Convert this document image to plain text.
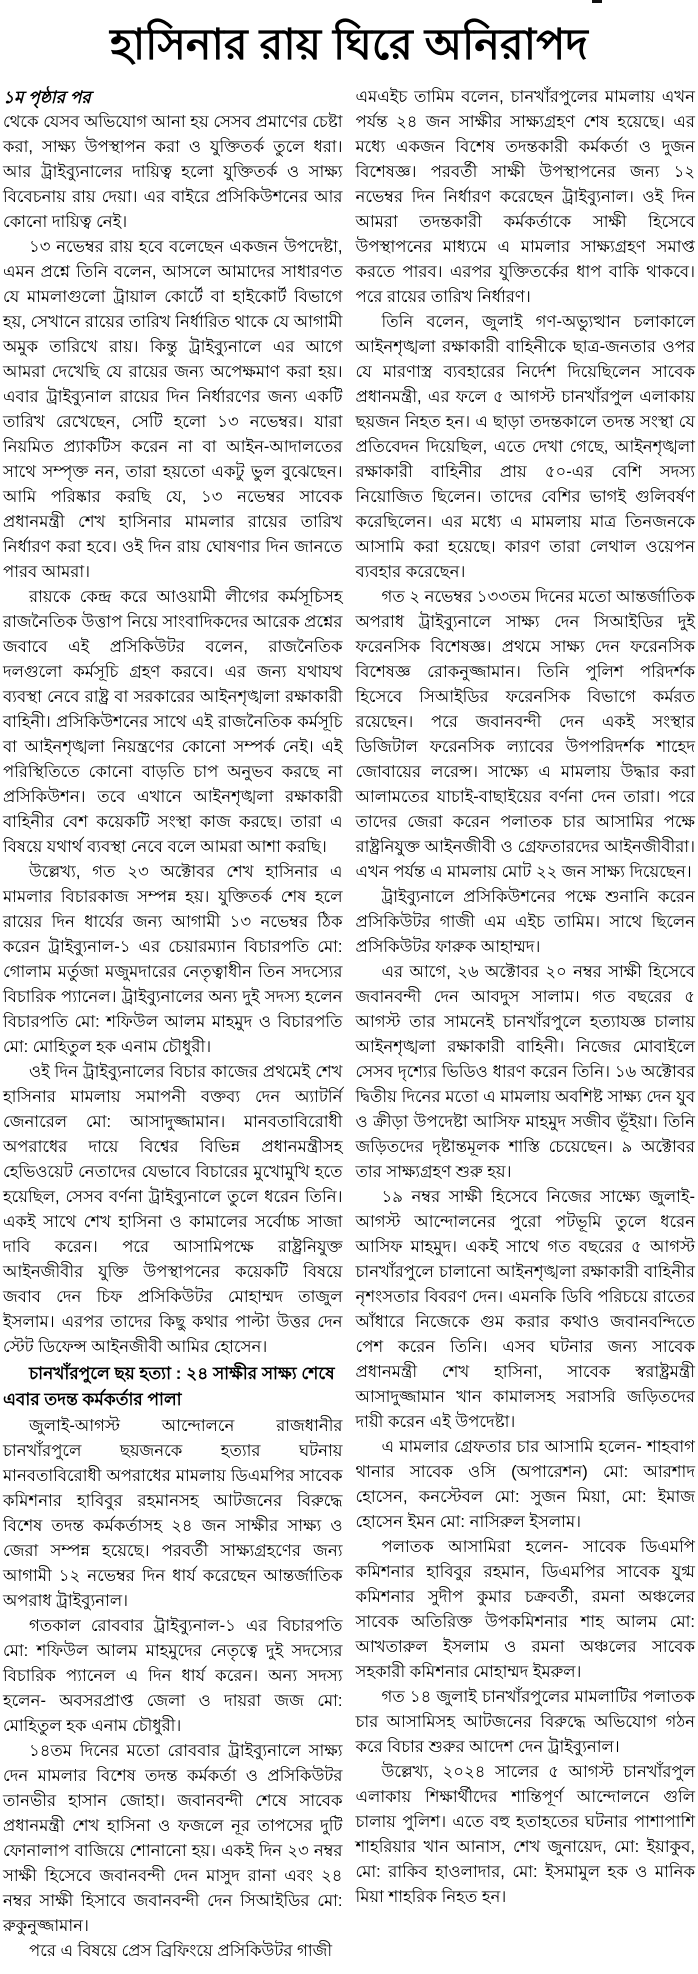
হাসিনার রায় ঘিরে অনিরাপদ
১ম পৃষ্ঠার পর

থেকে যেসব অভিযোগ আনা হয় সেসব প্রমাণের চেষ্টা করা, সাক্ষ্য উপস্থাপন করা ও যুক্তিতর্ক তুলে ধরা। আর ট্রাইব্যুনালের দায়িত্ব হলো যুক্তিতর্ক ও সাক্ষ্য বিবেচনায় রায় দেয়া। এর বাইরে প্রসিকিউশনের আর কোনো দায়িত্ব নেই।

১৩ নভেম্বর রায় হবে বলেছেন একজন উপদেষ্টা, এমন প্রশ্নে তিনি বলেন, আসলে আমাদের সাধারণত যে মামলাগুলো ট্রায়াল কোর্টে বা হাইকোর্ট বিভাগে হয়, সেখানে রায়ের তারিখ নির্ধারিত থাকে যে আগামী অমুক তারিখে রায়। কিন্তু ট্রাইব্যুনালে এর আগে আমরা দেখেছি যে রায়ের জন্য অপেক্ষমাণ করা হয়। এবার ট্রাইব্যুনাল রায়ের দিন নির্ধারণের জন্য একটি তারিখ রেখেছেন, সেটি হলো ১৩ নভেম্বর। যারা নিয়মিত প্র্যাকটিস করেন না বা আইন-আদালতের সাথে সম্পৃক্ত নন, তারা হয়তো একটু ভুল বুঝেছেন। আমি পরিষ্কার করছি যে, ১৩ নভেম্বর সাবেক প্রধানমন্ত্রী শেখ হাসিনার মামলার রায়ের তারিখ নির্ধারণ করা হবে। ওই দিন রায় ঘোষণার দিন জানতে পারব আমরা।

রায়কে কেন্দ্র করে আওয়ামী লীগের কর্মসূচিসহ রাজনৈতিক উত্তাপ নিয়ে সাংবাদিকদের আরেক প্রশ্নের জবাবে এই প্রসিকিউটর বলেন, রাজনৈতিক দলগুলো কর্মসূচি গ্রহণ করবে। এর জন্য যথাযথ ব্যবস্থা নেবে রাষ্ট্র বা সরকারের আইনশৃঙ্খলা রক্ষাকারী বাহিনী। প্রসিকিউশনের সাথে এই রাজনৈতিক কর্মসূচি বা আইনশৃঙ্খলা নিয়ন্ত্রণের কোনো সম্পর্ক নেই। এই পরিস্থিতিতে কোনো বাড়তি চাপ অনুভব করছে না প্রসিকিউশন। তবে এখানে আইনশৃঙ্খলা রক্ষাকারী বাহিনীর বেশ কয়েকটি সংস্থা কাজ করছে। তারা এ বিষয়ে যথার্থ ব্যবস্থা নেবে বলে আমরা আশা করছি।

উল্লেখ্য, গত ২৩ অক্টোবর শেখ হাসিনার এ মামলার বিচারকাজ সম্পন্ন হয়। যুক্তিতর্ক শেষ হলে রায়ের দিন ধার্যের জন্য আগামী ১৩ নভেম্বর ঠিক করেন ট্রাইব্যুনাল-১ এর চেয়ারম্যান বিচারপতি মো: গোলাম মর্তুজা মজুমদারের নেতৃত্বাধীন তিন সদস্যের বিচারিক প্যানেল। ট্রাইব্যুনালের অন্য দুই সদস্য হলেন বিচারপতি মো: শফিউল আলম মাহমুদ ও বিচারপতি মো: মোহিতুল হক এনাম চৌধুরী।

ওই দিন ট্রাইব্যুনালের বিচার কাজের প্রথমেই শেখ হাসিনার মামলায় সমাপনী বক্তব্য দেন অ্যাটর্নি জেনারেল মো: আসাদুজ্জামান। মানবতাবিরোধী অপরাধের দায়ে বিশ্বের বিভিন্ন প্রধানমন্ত্রীসহ হেভিওয়েট নেতাদের যেভাবে বিচারের মুখোমুখি হতে হয়েছিল, সেসব বর্ণনা ট্রাইব্যুনালে তুলে ধরেন তিনি। একই সাথে শেখ হাসিনা ও কামালের সর্বোচ্চ সাজা দাবি করেন। পরে আসামিপক্ষে রাষ্ট্রনিযুক্ত আইনজীবীর যুক্তি উপস্থাপনের কয়েকটি বিষয়ে জবাব দেন চিফ প্রসিকিউটর মোহাম্মদ তাজুল ইসলাম। এরপর তাদের কিছু কথার পাল্টা উত্তর দেন স্টেট ডিফেন্স আইনজীবী আমির হোসেন।

চানখাঁরপুলে ছয় হত্যা : ২৪ সাক্ষীর সাক্ষ্য শেষে এবার তদন্ত কর্মকর্তার পালা

জুলাই-আগস্ট আন্দোলনে রাজধানীর চানখাঁরপুলে ছয়জনকে হত্যার ঘটনায় মানবতাবিরোধী অপরাধের মামলায় ডিএমপির সাবেক কমিশনার হাবিবুর রহমানসহ আটজনের বিরুদ্ধে বিশেষ তদন্ত কর্মকর্তাসহ ২৪ জন সাক্ষীর সাক্ষ্য ও জেরা সম্পন্ন হয়েছে। পরবর্তী সাক্ষ্যগ্রহণের জন্য আগামী ১২ নভেম্বর দিন ধার্য করেছেন আন্তর্জাতিক অপরাধ ট্রাইব্যুনাল।

গতকাল রোববার ট্রাইব্যুনাল-১ এর বিচারপতি মো: শফিউল আলম মাহমুদের নেতৃত্বে দুই সদস্যের বিচারিক প্যানেল এ দিন ধার্য করেন। অন্য সদস্য হলেন- অবসরপ্রাপ্ত জেলা ও দায়রা জজ মো: মোহিতুল হক এনাম চৌধুরী।

১৪তম দিনের মতো রোববার ট্রাইব্যুনালে সাক্ষ্য দেন মামলার বিশেষ তদন্ত কর্মকর্তা ও প্রসিকিউটর তানভীর হাসান জোহা। জবানবন্দী শেষে সাবেক প্রধানমন্ত্রী শেখ হাসিনা ও ফজলে নূর তাপসের দুটি ফোনালাপ বাজিয়ে শোনানো হয়। একই দিন ২৩ নম্বর সাক্ষী হিসেবে জবানবন্দী দেন মাসুদ রানা এবং ২৪ নম্বর সাক্ষী হিসাবে জবানবন্দী দেন সিআইডির মো: রুকুনুজ্জামান।

পরে এ বিষয়ে প্রেস ব্রিফিংয়ে প্রসিকিউটর গাজী

এমএইচ তামিম বলেন, চানখাঁরপুলের মামলায় এখন পর্যন্ত ২৪ জন সাক্ষীর সাক্ষ্যগ্রহণ শেষ হয়েছে। এর মধ্যে একজন বিশেষ তদন্তকারী কর্মকর্তা ও দুজন বিশেষজ্ঞ। পরবর্তী সাক্ষী উপস্থাপনের জন্য ১২ নভেম্বর দিন নির্ধারণ করেছেন ট্রাইব্যুনাল। ওই দিন আমরা তদন্তকারী কর্মকর্তাকে সাক্ষী হিসেবে উপস্থাপনের মাধ্যমে এ মামলার সাক্ষ্যগ্রহণ সমাপ্ত করতে পারব। এরপর যুক্তিতর্কের ধাপ বাকি থাকবে। পরে রায়ের তারিখ নির্ধারণ।

তিনি বলেন, জুলাই গণ-অভ্যুত্থান চলাকালে আইনশৃঙ্খলা রক্ষাকারী বাহিনীকে ছাত্র-জনতার ওপর যে মারণাস্ত্র ব্যবহারের নির্দেশ দিয়েছিলেন সাবেক প্রধানমন্ত্রী, এর ফলে ৫ আগস্ট চানখাঁরপুল এলাকায় ছয়জন নিহত হন। এ ছাড়া তদন্তকালে তদন্ত সংস্থা যে প্রতিবেদন দিয়েছিল, এতে দেখা গেছে, আইনশৃঙ্খলা রক্ষাকারী বাহিনীর প্রায় ৫০-এর বেশি সদস্য নিয়োজিত ছিলেন। তাদের বেশির ভাগই গুলিবর্ষণ করেছিলেন। এর মধ্যে এ মামলায় মাত্র তিনজনকে আসামি করা হয়েছে। কারণ তারা লেথাল ওয়েপন ব্যবহার করেছেন।

গত ২ নভেম্বর ১৩৩তম দিনের মতো আন্তর্জাতিক অপরাধ ট্রাইব্যুনালে সাক্ষ্য দেন সিআইডির দুই ফরেনসিক বিশেষজ্ঞ। প্রথমে সাক্ষ্য দেন ফরেনসিক বিশেষজ্ঞ রোকনুজ্জামান। তিনি পুলিশ পরিদর্শক হিসেবে সিআইডির ফরেনসিক বিভাগে কর্মরত রয়েছেন। পরে জবানবন্দী দেন একই সংস্থার ডিজিটাল ফরেনসিক ল্যাবের উপপরিদর্শক শাহেদ জোবায়ের লরেন্স। সাক্ষ্যে এ মামলায় উদ্ধার করা আলামতের যাচাই-বাছাইয়ের বর্ণনা দেন তারা। পরে তাদের জেরা করেন পলাতক চার আসামির পক্ষে রাষ্ট্রনিযুক্ত আইনজীবী ও গ্রেফতারদের আইনজীবীরা। এখন পর্যন্ত এ মামলায় মোট ২২ জন সাক্ষ্য দিয়েছেন।

ট্রাইব্যুনালে প্রসিকিউশনের পক্ষে শুনানি করেন প্রসিকিউটর গাজী এম এইচ তামিম। সাথে ছিলেন প্রসিকিউটর ফারুক আহাম্মদ।

এর আগে, ২৬ অক্টোবর ২০ নম্বর সাক্ষী হিসেবে জবানবন্দী দেন আবদুস সালাম। গত বছরের ৫ আগস্ট তার সামনেই চানখাঁরপুলে হত্যাযজ্ঞ চালায় আইনশৃঙ্খলা রক্ষাকারী বাহিনী। নিজের মোবাইলে সেসব দৃশ্যের ভিডিও ধারণ করেন তিনি। ১৬ অক্টোবর দ্বিতীয় দিনের মতো এ মামলায় অবশিষ্ট সাক্ষ্য দেন যুব ও ক্রীড়া উপদেষ্টা আসিফ মাহমুদ সজীব ভূঁইয়া। তিনি জড়িতদের দৃষ্টান্তমূলক শাস্তি চেয়েছেন। ৯ অক্টোবর তার সাক্ষ্যগ্রহণ শুরু হয়।

১৯ নম্বর সাক্ষী হিসেবে নিজের সাক্ষ্যে জুলাই-আগস্ট আন্দোলনের পুরো পটভূমি তুলে ধরেন আসিফ মাহমুদ। একই সাথে গত বছরের ৫ আগস্ট চানখাঁরপুলে চালানো আইনশৃঙ্খলা রক্ষাকারী বাহিনীর নৃশংসতার বিবরণ দেন। এমনকি ডিবি পরিচয়ে রাতের আঁধারে নিজেকে গুম করার কথাও জবানবন্দিতে পেশ করেন তিনি। এসব ঘটনার জন্য সাবেক প্রধানমন্ত্রী শেখ হাসিনা, সাবেক স্বরাষ্ট্রমন্ত্রী আসাদুজ্জামান খান কামালসহ সরাসরি জড়িতদের দায়ী করেন এই উপদেষ্টা।

এ মামলার গ্রেফতার চার আসামি হলেন- শাহবাগ থানার সাবেক ওসি (অপারেশন) মো: আরশাদ হোসেন, কনস্টেবল মো: সুজন মিয়া, মো: ইমাজ হোসেন ইমন মো: নাসিরুল ইসলাম।

পলাতক আসামিরা হলেন- সাবেক ডিএমপি কমিশনার হাবিবুর রহমান, ডিএমপির সাবেক যুগ্ম কমিশনার সুদীপ কুমার চক্রবর্তী, রমনা অঞ্চলের সাবেক অতিরিক্ত উপকমিশনার শাহ আলম মো: আখতারুল ইসলাম ও রমনা অঞ্চলের সাবেক সহকারী কমিশনার মোহাম্মদ ইমরুল।

গত ১৪ জুলাই চানখাঁরপুলের মামলাটির পলাতক চার আসামিসহ আটজনের বিরুদ্ধে অভিযোগ গঠন করে বিচার শুরুর আদেশ দেন ট্রাইব্যুনাল।

উল্লেখ্য, ২০২৪ সালের ৫ আগস্ট চানখাঁরপুল এলাকায় শিক্ষার্থীদের শান্তিপূর্ণ আন্দোলনে গুলি চালায় পুলিশ। এতে বহু হতাহতের ঘটনার পাশাপাশি শাহরিয়ার খান আনাস, শেখ জুনায়েদ, মো: ইয়াকুব, মো: রাকিব হাওলাদার, মো: ইসমামুল হক ও মানিক মিয়া শাহরিক নিহত হন।
